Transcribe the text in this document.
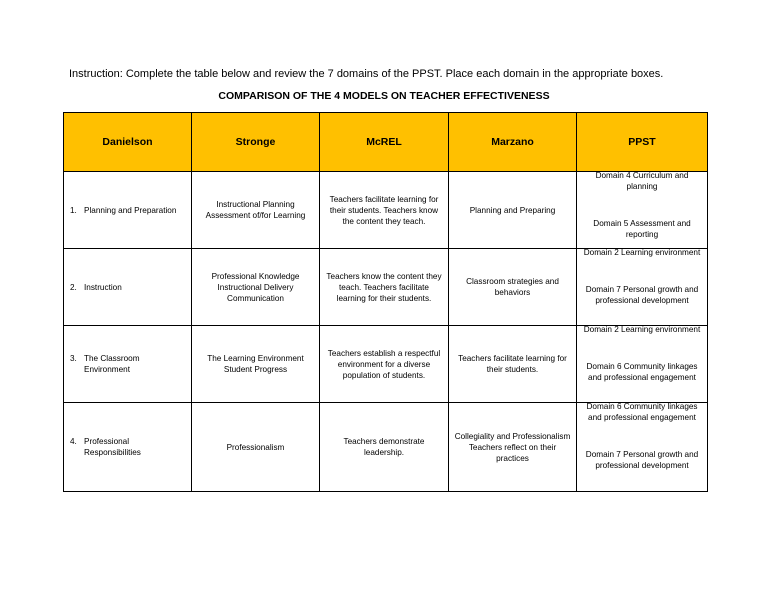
Instruction: Complete the table below and review the 7 domains of the PPST. Place each domain in the appropriate boxes.
COMPARISON OF THE 4 MODELS ON TEACHER EFFECTIVENESS
Danielson	Stronge	McREL	Marzano	PPST

1. Planning and Preparation	Instructional Planning Assessment of/for Learning	Teachers facilitate learning for their students. Teachers know the content they teach.	Planning and Preparing	Domain 4 Curriculum and planning
Domain 5 Assessment and reporting

2. Instruction	Professional Knowledge Instructional Delivery Communication	Teachers know the content they teach. Teachers facilitate learning for their students.	Classroom strategies and behaviors	Domain 2 Learning environment
Domain 7 Personal growth and professional development

3. The Classroom Environment	The Learning Environment Student Progress	Teachers establish a respectful environment for a diverse population of students.	Teachers facilitate learning for their students.	Domain 2 Learning environment
Domain 6 Community linkages and professional engagement

4. Professional Responsibilities	Professionalism	Teachers demonstrate leadership.	Collegiality and Professionalism Teachers reflect on their practices	Domain 6 Community linkages and professional engagement
Domain 7 Personal growth and professional development
